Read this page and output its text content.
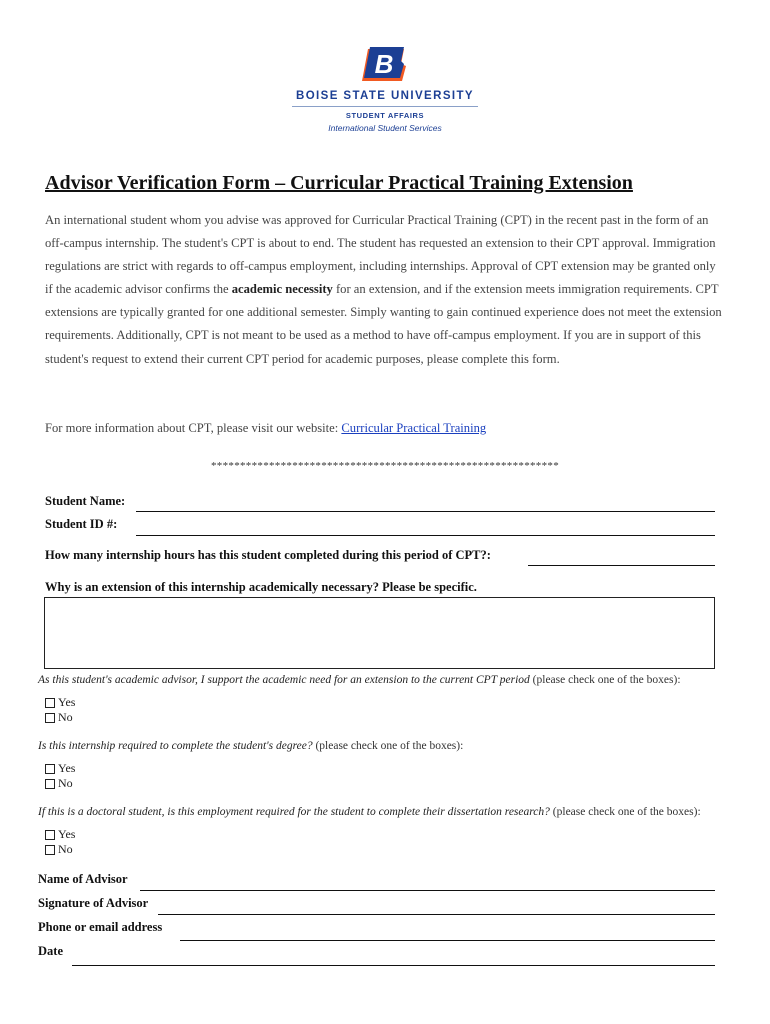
B
BOISE STATE UNIVERSITY
STUDENT AFFAIRS
International Student Services
Advisor Verification Form – Curricular Practical Training Extension
An international student whom you advise was approved for Curricular Practical Training (CPT) in the recent past in the form of an off-campus internship. The student's CPT is about to end. The student has requested an extension to their CPT approval. Immigration regulations are strict with regards to off-campus employment, including internships. Approval of CPT extension may be granted only if the academic advisor confirms the academic necessity for an extension, and if the extension meets immigration requirements. CPT extensions are typically granted for one additional semester. Simply wanting to gain continued experience does not meet the extension requirements. Additionally, CPT is not meant to be used as a method to have off-campus employment. If you are in support of this student's request to extend their current CPT period for academic purposes, please complete this form.
For more information about CPT, please visit our website: Curricular Practical Training
************************************************************
Student Name:
Student ID #:
How many internship hours has this student completed during this period of CPT?:
Why is an extension of this internship academically necessary? Please be specific.
As this student's academic advisor, I support the academic need for an extension to the current CPT period (please check one of the boxes):
Yes
No
Is this internship required to complete the student's degree? (please check one of the boxes):
Yes
No
If this is a doctoral student, is this employment required for the student to complete their dissertation research? (please check one of the boxes):
Yes
No
Name of Advisor
Signature of Advisor
Phone or email address
Date
